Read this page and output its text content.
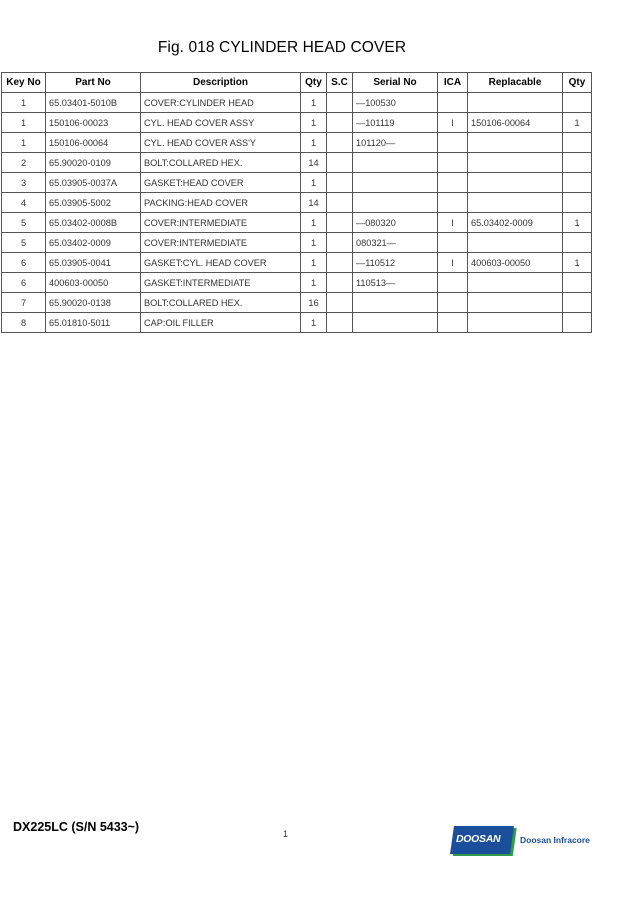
Fig. 018 CYLINDER HEAD COVER
Key No	Part No	Description	Qty	S.C	Serial No	ICA	Replacable	Qty
1	65.03401-5010B	COVER:CYLINDER HEAD	1		—100530			
1	150106-00023	CYL. HEAD COVER ASSY	1		—101119	I	150106-00064	1
1	150106-00064	CYL. HEAD COVER ASS'Y	1		101120—			
2	65.90020-0109	BOLT:COLLARED HEX.	14					
3	65.03905-0037A	GASKET:HEAD COVER	1					
4	65.03905-5002	PACKING:HEAD COVER	14					
5	65.03402-0008B	COVER:INTERMEDIATE	1		—080320	I	65.03402-0009	1
5	65.03402-0009	COVER:INTERMEDIATE	1		080321—			
6	65.03905-0041	GASKET:CYL. HEAD COVER	1		—110512	I	400603-00050	1
6	400603-00050	GASKET:INTERMEDIATE	1		110513—			
7	65.90020-0138	BOLT:COLLARED HEX.	16					
8	65.01810-5011	CAP:OIL FILLER	1					
DX225LC (S/N 5433~)	1	DOOSAN Doosan Infracore
